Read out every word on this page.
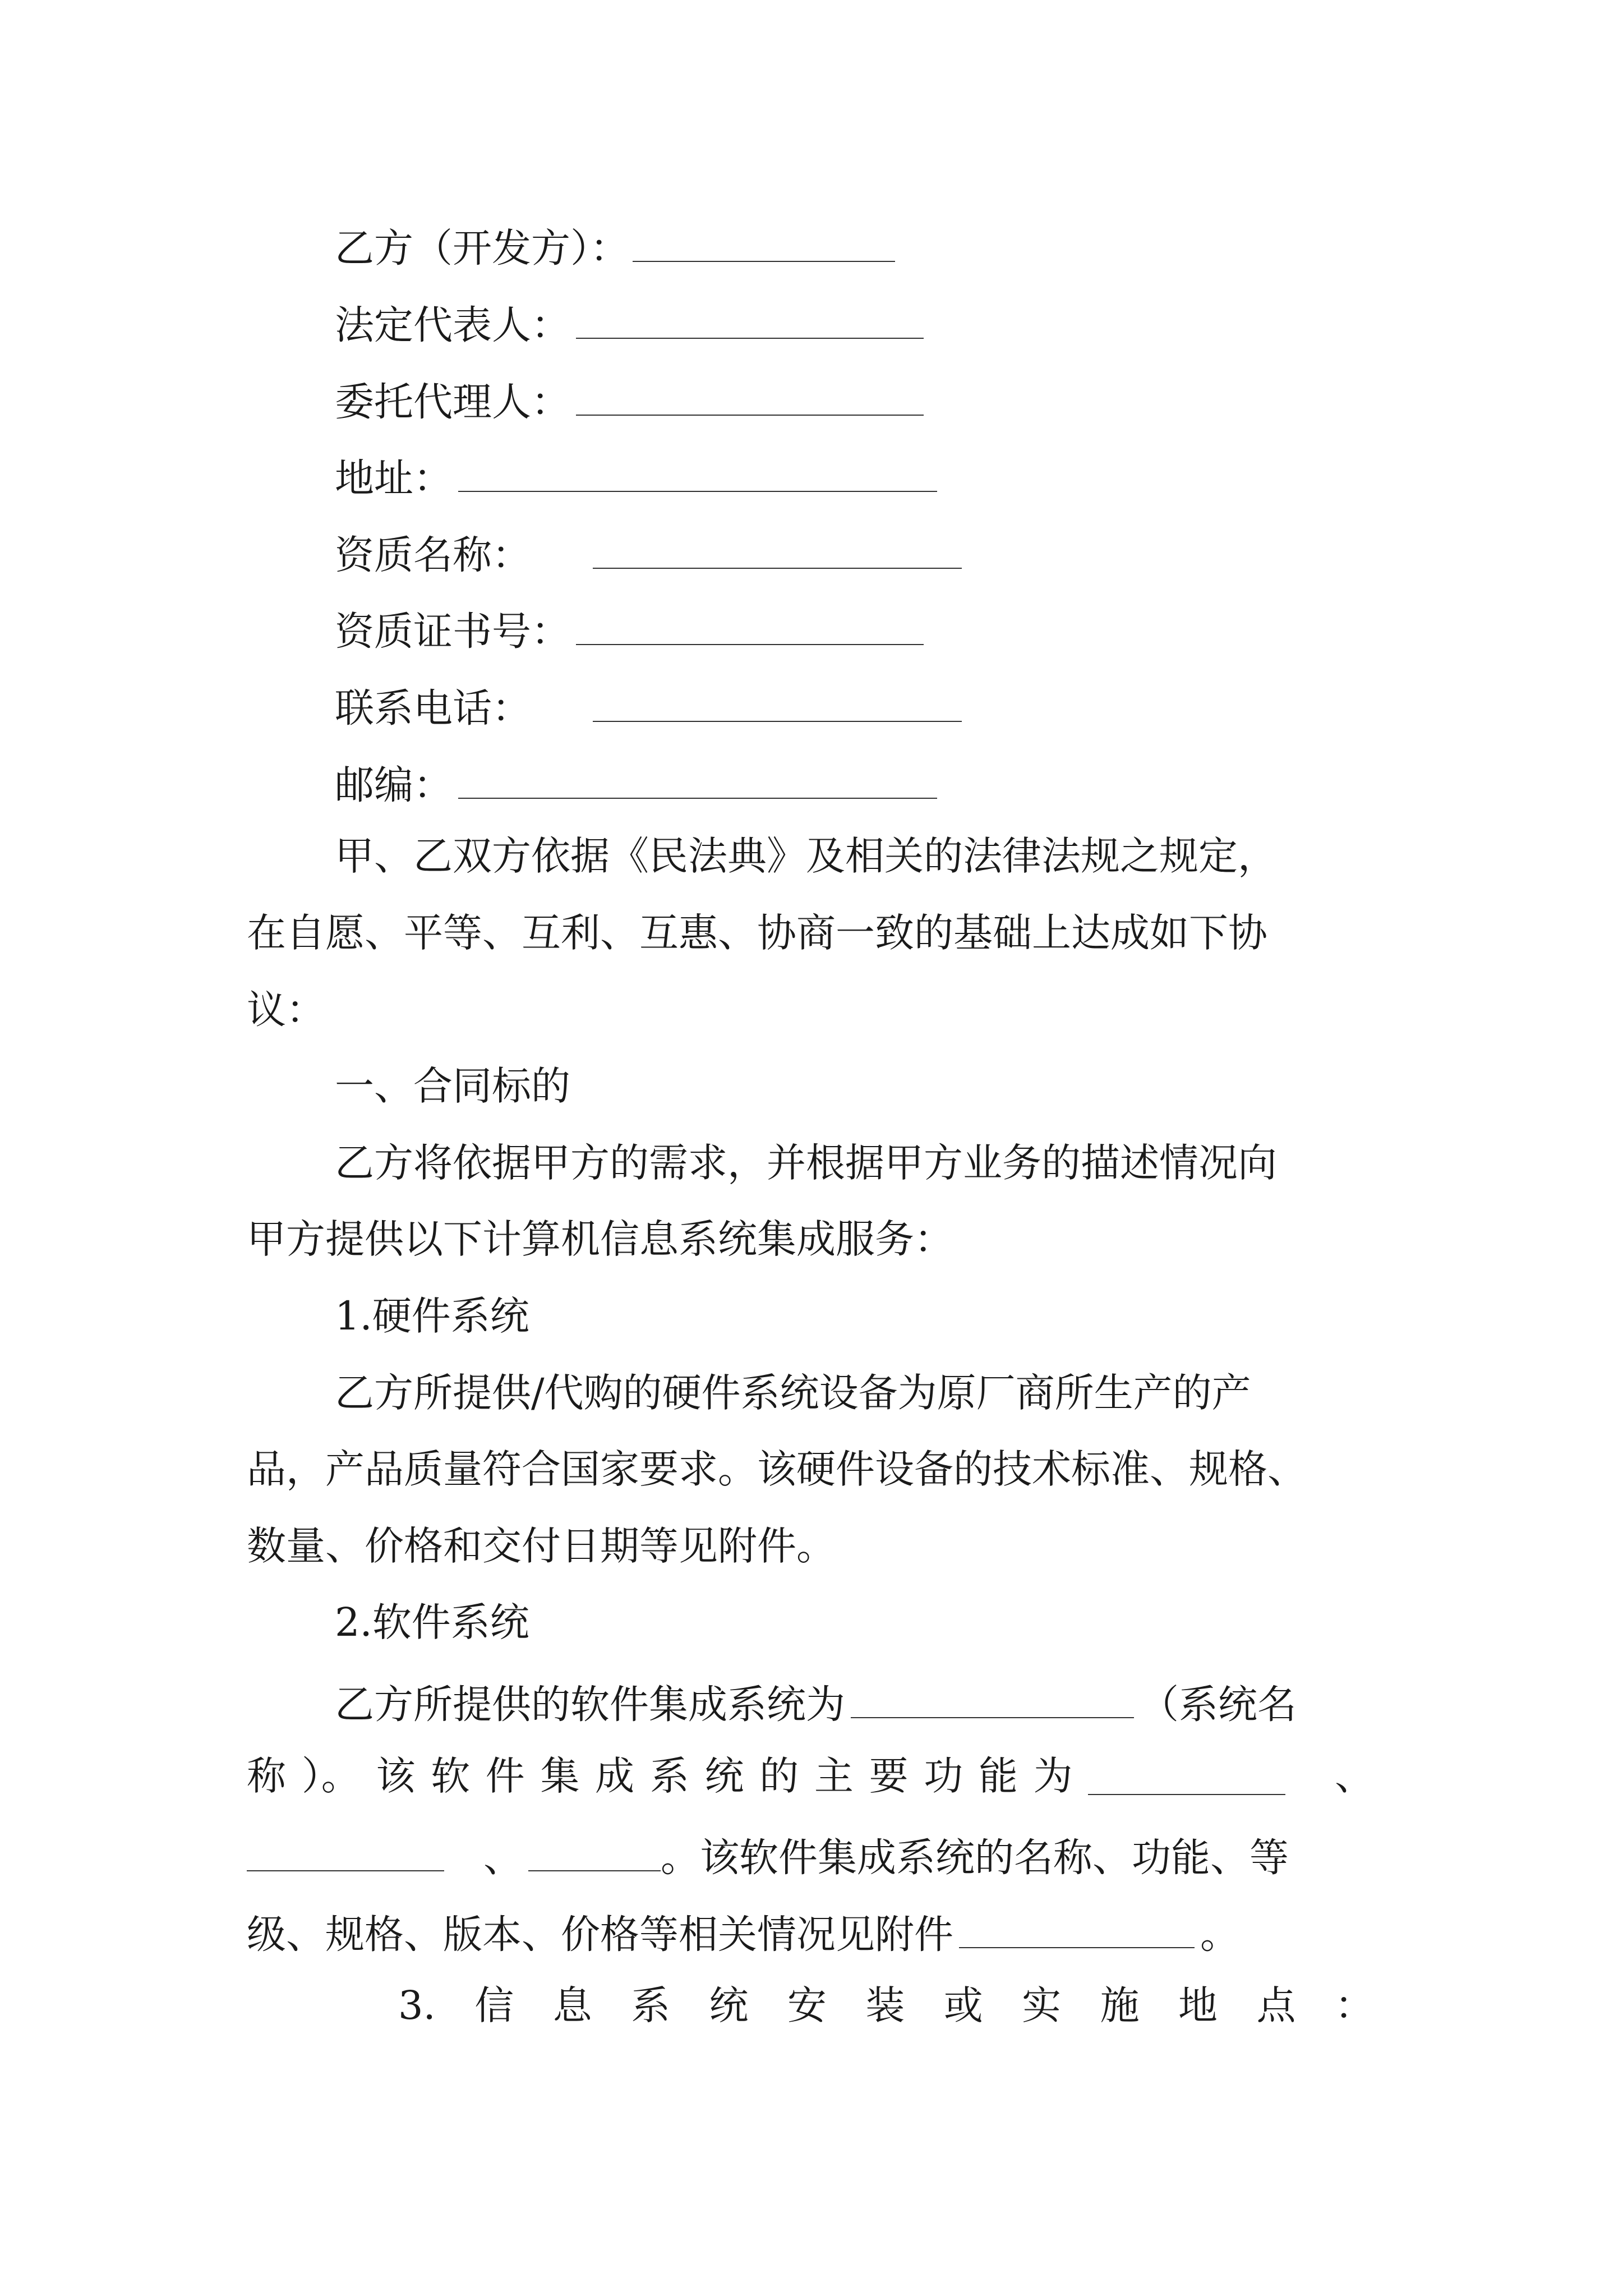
乙方（开发方）：
法定代表人：
委托代理人：
地址：
资质名称：
资质证书号：
联系电话：
邮编：
甲、乙双方依据《民法典》及相关的法律法规之规定，
在自愿、平等、互利、互惠、协商一致的基础上达成如下协
议：
一、合同标的
乙方将依据甲方的需求，并根据甲方业务的描述情况向
甲方提供以下计算机信息系统集成服务：
1.硬件系统
乙方所提供/代购的硬件系统设备为原厂商所生产的产
品，产品质量符合国家要求。该硬件设备的技术标准、规格、
数量、价格和交付日期等见附件。
2.软件系统
乙方所提供的软件集成系统为	（系统名
称 ）。 该 软 件 集 成 系 统 的 主 要 功 能 为	、
、	。该软件集成系统的名称、功能、等
级、规格、版本、价格等相关情况见附件	。
3. 信 息 系 统 安 装 或 实 施 地 点 ：
